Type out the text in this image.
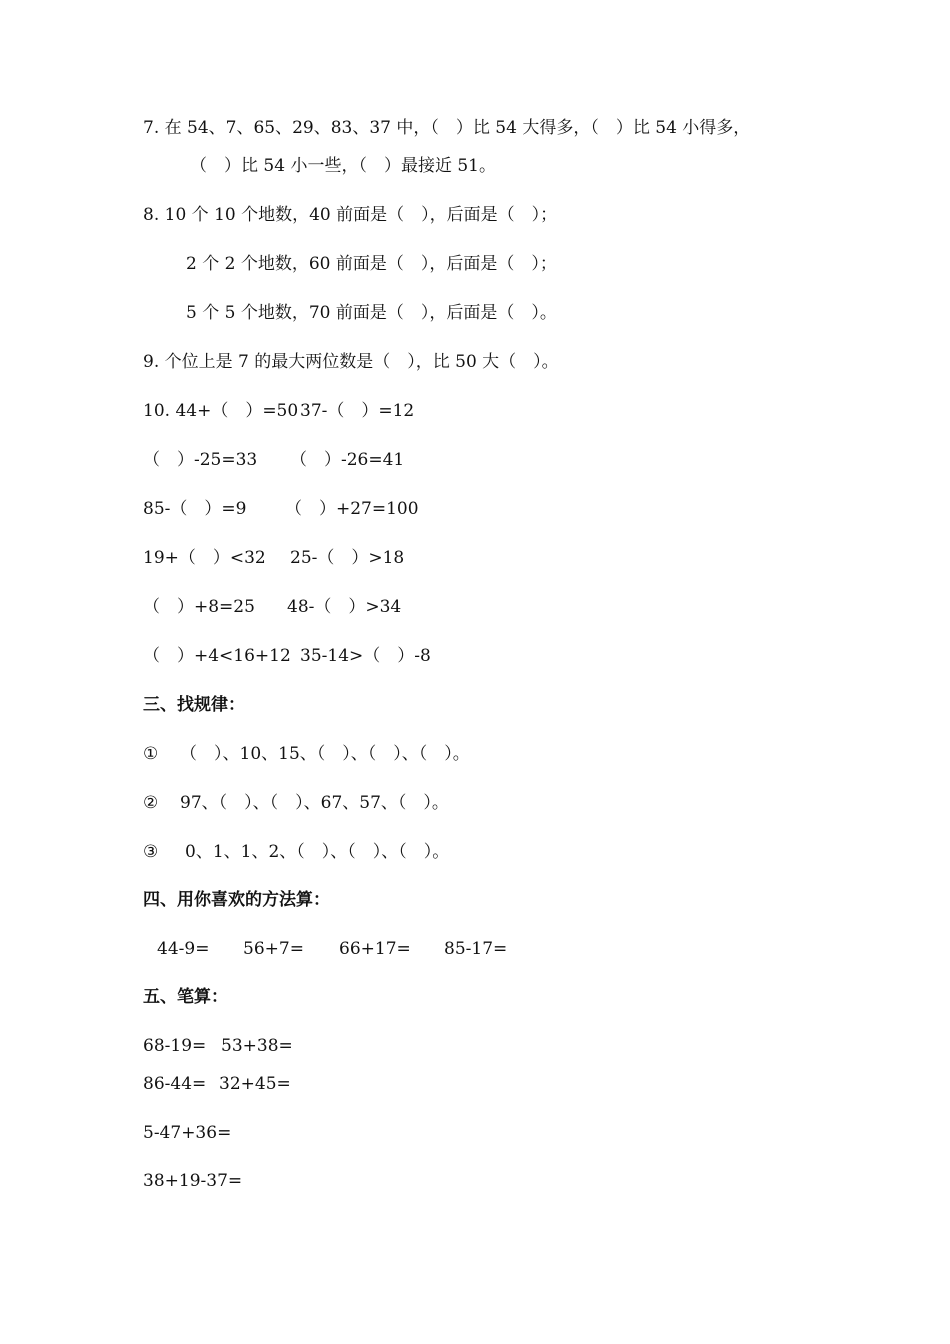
7. 在 54、7、65、29、83、37 中，（　）比 54 大得多，（　）比 54 小得多，
（　）比 54 小一些，（　）最接近 51。
8. 10 个 10 个地数，40 前面是（　），后面是（　）；
2 个 2 个地数，60 前面是（　），后面是（　）；
5 个 5 个地数，70 前面是（　），后面是（　）。
9. 个位上是 7 的最大两位数是（　），比 50 大（　）。
10. 44+（　）=50 37-（　）=12
（　）-25=33 （　）-26=41
85-（　）=9 （　）+27=100
19+（　）<32 25-（　）>18
（　）+8=25 48-（　）>34
（　）+4<16+12 35-14>（　）-8
三、找规律：
① （　）、10、15、（　）、（　）、（　）。
② 97、（　）、（　）、67、57、（　）。
③ 0、1、1、2、（　）、（　）、（　）。
四、用你喜欢的方法算：
44-9= 56+7= 66+17= 85-17=
五、笔算：
68-19= 53+38=
86-44= 32+45=
5-47+36=
38+19-37=
